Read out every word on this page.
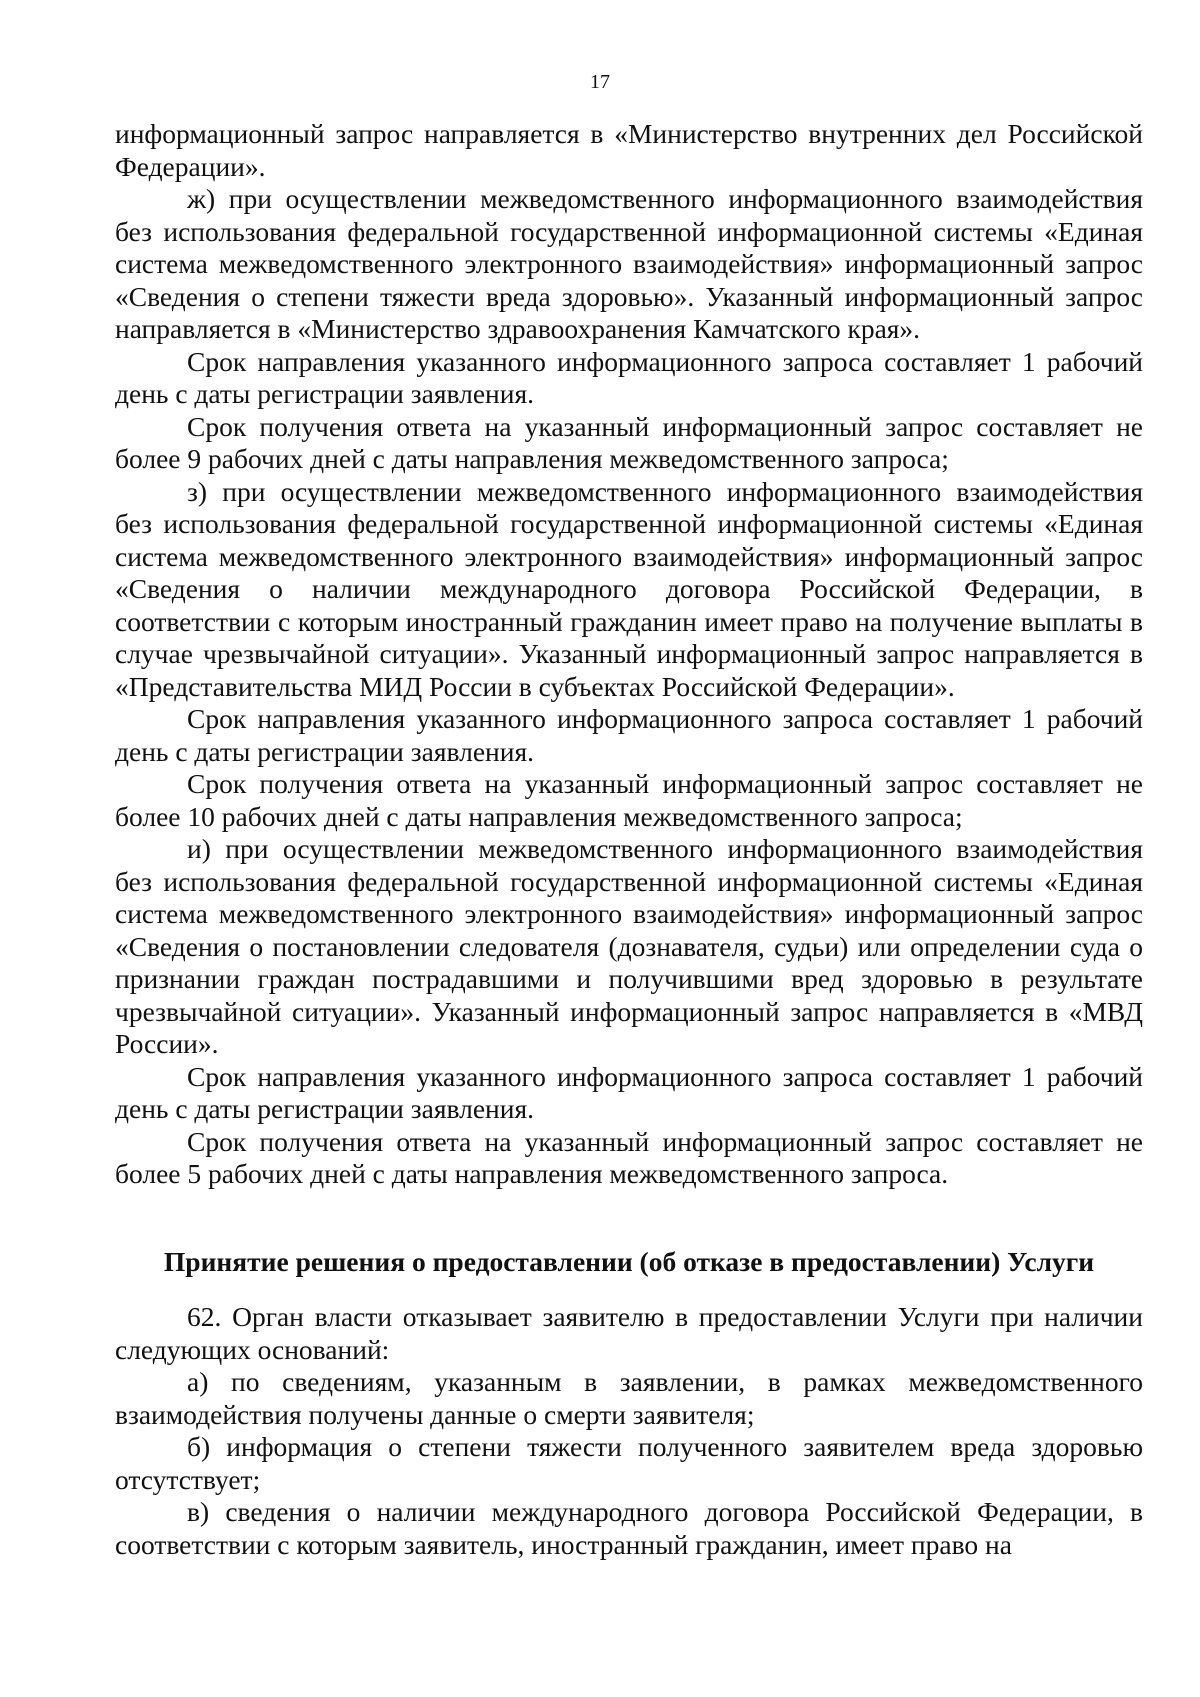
17

информационный запрос направляется в «Министерство внутренних дел Российской Федерации».

ж) при осуществлении межведомственного информационного взаимодействия без использования федеральной государственной информационной системы «Единая система межведомственного электронного взаимодействия» информационный запрос «Сведения о степени тяжести вреда здоровью». Указанный информационный запрос направляется в «Министерство здравоохранения Камчатского края».

Срок направления указанного информационного запроса составляет 1 рабочий день с даты регистрации заявления.

Срок получения ответа на указанный информационный запрос составляет не более 9 рабочих дней с даты направления межведомственного запроса;

з) при осуществлении межведомственного информационного взаимодействия без использования федеральной государственной информационной системы «Единая система межведомственного электронного взаимодействия» информационный запрос «Сведения о наличии международного договора Российской Федерации, в соответствии с которым иностранный гражданин имеет право на получение выплаты в случае чрезвычайной ситуации». Указанный информационный запрос направляется в «Представительства МИД России в субъектах Российской Федерации».

Срок направления указанного информационного запроса составляет 1 рабочий день с даты регистрации заявления.

Срок получения ответа на указанный информационный запрос составляет не более 10 рабочих дней с даты направления межведомственного запроса;

и) при осуществлении межведомственного информационного взаимодействия без использования федеральной государственной информационной системы «Единая система межведомственного электронного взаимодействия» информационный запрос «Сведения о постановлении следователя (дознавателя, судьи) или определении суда о признании граждан пострадавшими и получившими вред здоровью в результате чрезвычайной ситуации». Указанный информационный запрос направляется в «МВД России».

Срок направления указанного информационного запроса составляет 1 рабочий день с даты регистрации заявления.

Срок получения ответа на указанный информационный запрос составляет не более 5 рабочих дней с даты направления межведомственного запроса.

Принятие решения о предоставлении (об отказе в предоставлении) Услуги

62. Орган власти отказывает заявителю в предоставлении Услуги при наличии следующих оснований:

а) по сведениям, указанным в заявлении, в рамках межведомственного взаимодействия получены данные о смерти заявителя;

б) информация о степени тяжести полученного заявителем вреда здоровью отсутствует;

в) сведения о наличии международного договора Российской Федерации, в соответствии с которым заявитель, иностранный гражданин, имеет право на
